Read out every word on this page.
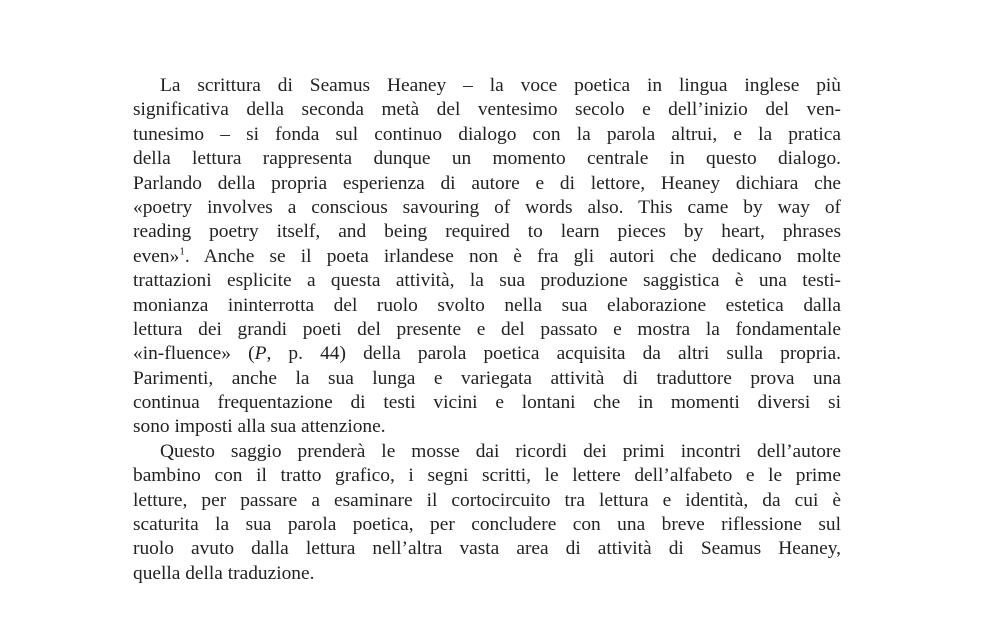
La scrittura di Seamus Heaney – la voce poetica in lingua inglese più
significativa della seconda metà del ventesimo secolo e dell’inizio del ven-
tunesimo – si fonda sul continuo dialogo con la parola altrui, e la pratica
della lettura rappresenta dunque un momento centrale in questo dialogo.
Parlando della propria esperienza di autore e di lettore, Heaney dichiara che
«poetry involves a conscious savouring of words also. This came by way of
reading poetry itself, and being required to learn pieces by heart, phrases
even»$^1$. Anche se il poeta irlandese non è fra gli autori che dedicano molte
trattazioni esplicite a questa attività, la sua produzione saggistica è una testi-
monianza ininterrotta del ruolo svolto nella sua elaborazione estetica dalla
lettura dei grandi poeti del presente e del passato e mostra la fondamentale
«in-fluence» (P, p. 44) della parola poetica acquisita da altri sulla propria.
Parimenti, anche la sua lunga e variegata attività di traduttore prova una
continua frequentazione di testi vicini e lontani che in momenti diversi si
sono imposti alla sua attenzione.
Questo saggio prenderà le mosse dai ricordi dei primi incontri dell’autore
bambino con il tratto grafico, i segni scritti, le lettere dell’alfabeto e le prime
letture, per passare a esaminare il cortocircuito tra lettura e identità, da cui è
scaturita la sua parola poetica, per concludere con una breve riflessione sul
ruolo avuto dalla lettura nell’altra vasta area di attività di Seamus Heaney,
quella della traduzione.
